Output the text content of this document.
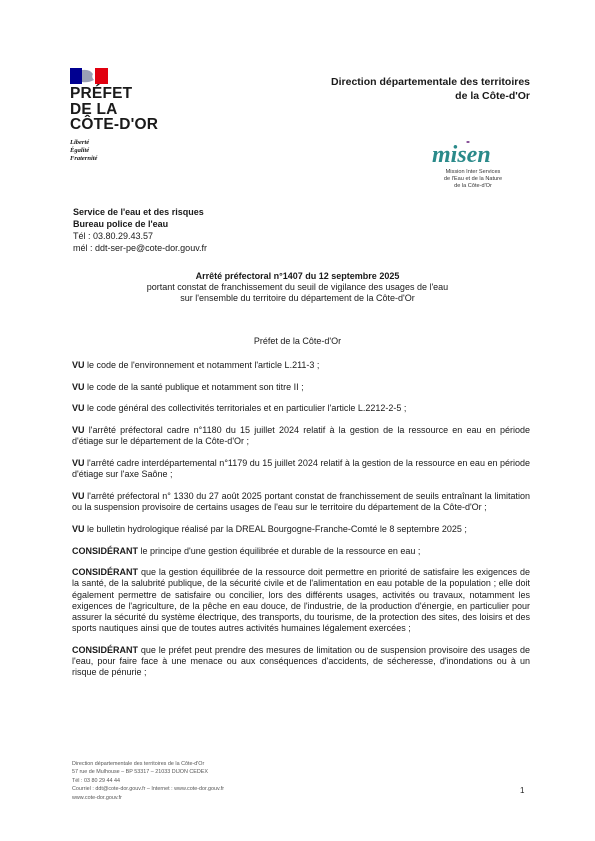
PRÉFET
DE LA
CÔTE-D'OR
Liberté
Égalité
Fraternité
Direction départementale des territoires
de la Côte-d'Or
misen
Mission Inter Services
de l'Eau et de la Nature
de la Côte-d'Or
Service de l'eau et des risques
Bureau police de l'eau
Tél : 03.80.29.43.57
mél : ddt-ser-pe@cote-dor.gouv.fr
Arrêté préfectoral n°1407 du 12 septembre 2025
portant constat de franchissement du seuil de vigilance des usages de l'eau
sur l'ensemble du territoire du département de la Côte-d'Or
Préfet de la Côte-d'Or

VU le code de l'environnement et notamment l'article L.211-3 ;

VU le code de la santé publique et notamment son titre II ;

VU le code général des collectivités territoriales et en particulier l'article L.2212-2-5 ;

VU l'arrêté préfectoral cadre n°1180 du 15 juillet 2024 relatif à la gestion de la ressource en eau en période d'étiage sur le département de la Côte-d'Or ;

VU l'arrêté cadre interdépartemental n°1179 du 15 juillet 2024 relatif à la gestion de la ressource en eau en période d'étiage sur l'axe Saône ;

VU l'arrêté préfectoral n° 1330 du 27 août 2025 portant constat de franchissement de seuils entraînant la limitation ou la suspension provisoire de certains usages de l'eau sur le territoire du département de la Côte-d'Or ;

VU le bulletin hydrologique réalisé par la DREAL Bourgogne-Franche-Comté le 8 septembre 2025 ;

CONSIDÉRANT le principe d'une gestion équilibrée et durable de la ressource en eau ;

CONSIDÉRANT que la gestion équilibrée de la ressource doit permettre en priorité de satisfaire les exigences de la santé, de la salubrité publique, de la sécurité civile et de l'alimentation en eau potable de la population ; elle doit également permettre de satisfaire ou concilier, lors des différents usages, activités ou travaux, notamment les exigences de l'agriculture, de la pêche en eau douce, de l'industrie, de la production d'énergie, en particulier pour assurer la sécurité du système électrique, des transports, du tourisme, de la protection des sites, des loisirs et des sports nautiques ainsi que de toutes autres activités humaines légalement exercées ;

CONSIDÉRANT que le préfet peut prendre des mesures de limitation ou de suspension provisoire des usages de l'eau, pour faire face à une menace ou aux conséquences d'accidents, de sécheresse, d'inondations ou à un risque de pénurie ;

Direction départementale des territoires de la Côte-d'Or
57 rue de Mulhouse – BP 53317 – 21033 DIJON CEDEX
Tél : 03 80 29 44 44
Courriel : ddt@cote-dor.gouv.fr – Internet : www.cote-dor.gouv.fr
www.cote-dor.gouv.fr
1
